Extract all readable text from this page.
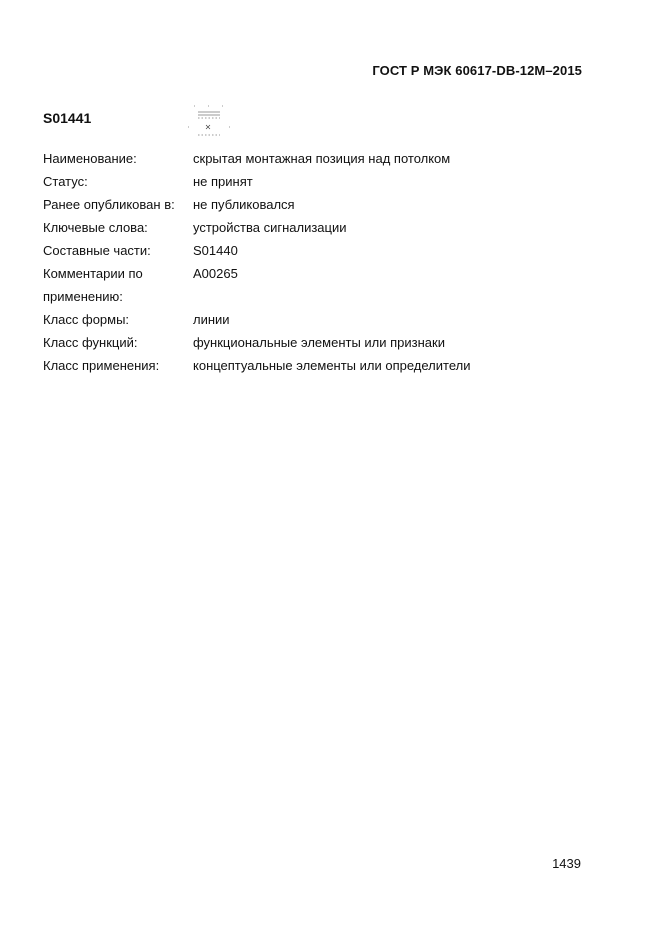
ГОСТ Р МЭК 60617-DB-12M–2015
S01441
Наименование:	скрытая монтажная позиция над потолком
Статус:	не принят
Ранее опубликован в:	не публиковался
Ключевые слова:	устройства сигнализации
Составные части:	S01440
Комментарии по	A00265
применению:
Класс формы:	линии
Класс функций:	функциональные элементы или признаки
Класс применения:	концептуальные элементы или определители
1439
